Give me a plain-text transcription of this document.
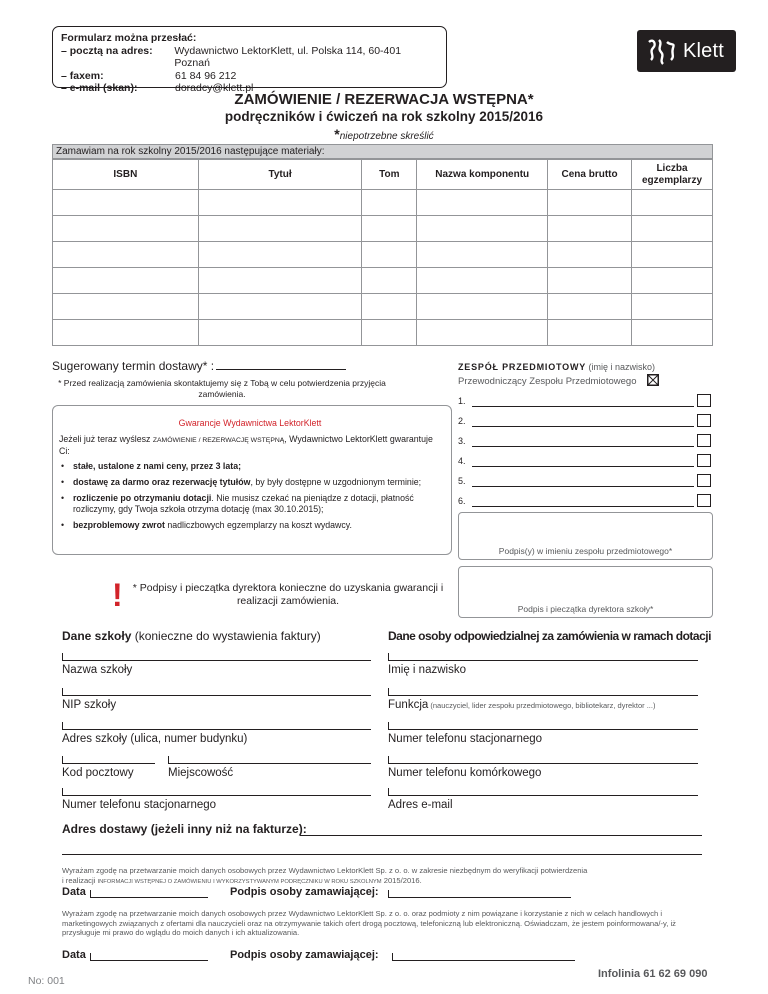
Formularz można przesłać:
– pocztą na adres:	Wydawnictwo LektorKlett, ul. Polska 114, 60-401 Poznań
– faxem:	61 84 96 212
– e-mail (skan):	doradcy@klett.pl
Klett
ZAMÓWIENIE / REZERWACJA WSTĘPNA*
podręczników i ćwiczeń na rok szkolny 2015/2016
*niepotrzebne skreślić
Zamawiam na rok szkolny 2015/2016 następujące materiały:
ISBN	Tytuł	Tom	Nazwa komponentu	Cena brutto	Liczba egzemplarzy

Sugerowany termin dostawy* :
* Przed realizacją zamówienia skontaktujemy się z Tobą w celu potwierdzenia przyjęcia zamówienia.
Gwarancje Wydawnictwa LektorKlett
Jeżeli już teraz wyślesz ZAMÓWIENIE / REZERWACJĘ WSTĘPNĄ, Wydawnictwo LektorKlett gwarantuje Ci:
• stałe, ustalone z nami ceny, przez 3 lata;
• dostawę za darmo oraz rezerwację tytułów, by były dostępne w uzgodnionym terminie;
• rozliczenie po otrzymaniu dotacji. Nie musisz czekać na pieniądze z dotacji, płatność rozliczymy, gdy Twoja szkoła otrzyma dotację (max 30.10.2015);
• bezproblemowy zwrot nadliczbowych egzemplarzy na koszt wydawcy.
! * Podpisy i pieczątka dyrektora konieczne do uzyskania gwarancji i realizacji zamówienia.
ZESPÓŁ PRZEDMIOTOWY (imię i nazwisko)
Przewodniczący Zespołu Przedmiotowego
1.
2.
3.
4.
5.
6.
Podpis(y) w imieniu zespołu przedmiotowego*
Podpis i pieczątka dyrektora szkoły*
Dane szkoły (konieczne do wystawienia faktury)	Dane osoby odpowiedzialnej za zamówienia w ramach dotacji
Nazwa szkoły
NIP szkoły
Adres szkoły (ulica, numer budynku)
Kod pocztowy	Miejscowość
Numer telefonu stacjonarnego
Imię i nazwisko
Funkcja (nauczyciel, lider zespołu przedmiotowego, bibliotekarz, dyrektor ...)
Numer telefonu stacjonarnego
Numer telefonu komórkowego
Adres e-mail
Adres dostawy (jeżeli inny niż na fakturze):
Wyrażam zgodę na przetwarzanie moich danych osobowych przez Wydawnictwo LektorKlett Sp. z o. o. w zakresie niezbędnym do weryfikacji potwierdzenia
i realizacji INFORMACJI WSTĘPNEJ O ZAMÓWIENIU I WYKORZYSTYWANYM PODRĘCZNIKU W ROKU SZKOLNYM 2015/2016.
Data	Podpis osoby zamawiającej:
Wyrażam zgodę na przetwarzanie moich danych osobowych przez Wydawnictwo LektorKlett Sp. z o. o. oraz podmioty z nim powiązane i korzystanie z nich w celach handlowych i marketingowych związanych z ofertami dla nauczycieli oraz na otrzymywanie takich ofert drogą pocztową, telefoniczną lub elektroniczną. Oświadczam, że jestem poinformowana/-y, iż przysługuje mi prawo do wglądu do moich danych i ich aktualizowania.
Data	Podpis osoby zamawiającej:
Infolinia 61 62 69 090
No: 001
